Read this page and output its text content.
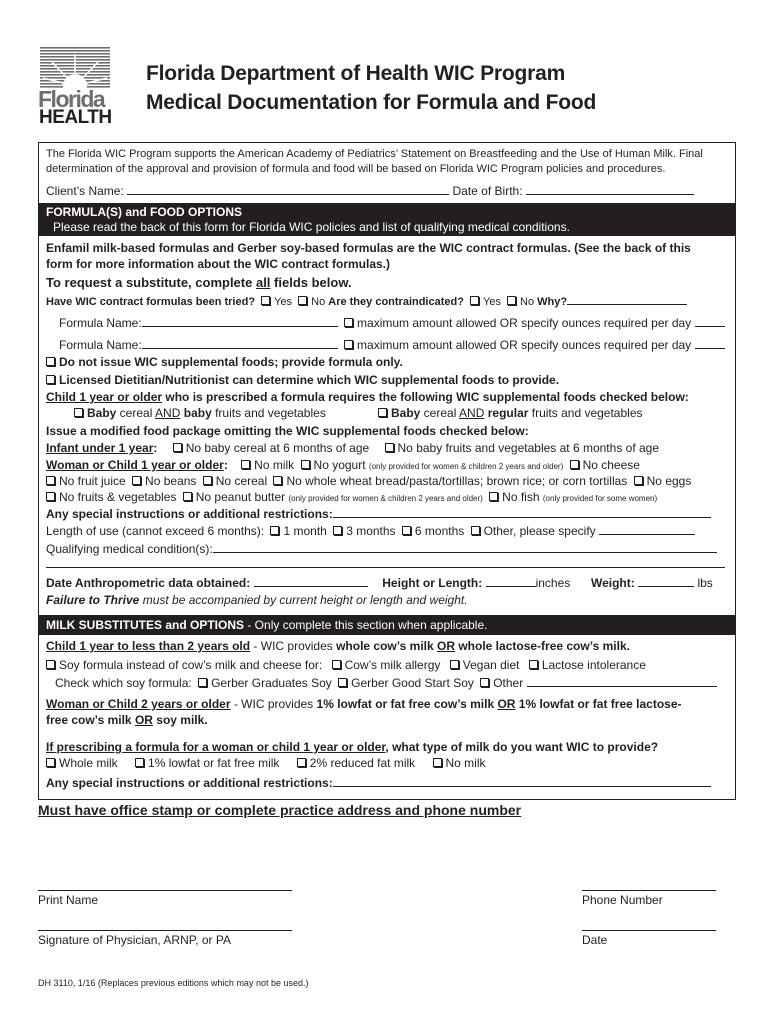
Florida
HEALTH
Florida Department of Health WIC Program
Medical Documentation for Formula and Food
The Florida WIC Program supports the American Academy of Pediatrics’ Statement on Breastfeeding and the Use of Human Milk. Final
determination of the approval and provision of formula and food will be based on Florida WIC Program policies and procedures.
Client’s Name:	Date of Birth:
FORMULA(S) and FOOD OPTIONS
Please read the back of this form for Florida WIC policies and list of qualifying medical conditions.
Enfamil milk-based formulas and Gerber soy-based formulas are the WIC contract formulas. (See the back of this
form for more information about the WIC contract formulas.)
To request a substitute, complete all fields below.
Have WIC contract formulas been tried? Yes No Are they contraindicated? Yes No Why?
Formula Name:	maximum amount allowed OR specify ounces required per day
Formula Name:	maximum amount allowed OR specify ounces required per day
Do not issue WIC supplemental foods; provide formula only.
Licensed Dietitian/Nutritionist can determine which WIC supplemental foods to provide.
Child 1 year or older who is prescribed a formula requires the following WIC supplemental foods checked below:
Baby cereal AND baby fruits and vegetables	Baby cereal AND regular fruits and vegetables
Issue a modified food package omitting the WIC supplemental foods checked below:
Infant under 1 year: No baby cereal at 6 months of age No baby fruits and vegetables at 6 months of age
Woman or Child 1 year or older: No milk No yogurt (only provided for women & children 2 years and older) No cheese
No fruit juice No beans No cereal No whole wheat bread/pasta/tortillas; brown rice; or corn tortillas No eggs
No fruits & vegetables No peanut butter (only provided for women & children 2 years and older) No fish (only provided for some women)
Any special instructions or additional restrictions:
Length of use (cannot exceed 6 months): 1 month 3 months 6 months Other, please specify
Qualifying medical condition(s):
Date Anthropometric data obtained:	Height or Length:	inches Weight:	lbs
Failure to Thrive must be accompanied by current height or length and weight.
MILK SUBSTITUTES and OPTIONS - Only complete this section when applicable.
Child 1 year to less than 2 years old - WIC provides whole cow’s milk OR whole lactose-free cow’s milk.
Soy formula instead of cow’s milk and cheese for: Cow’s milk allergy Vegan diet Lactose intolerance
Check which soy formula: Gerber Graduates Soy Gerber Good Start Soy Other
Woman or Child 2 years or older - WIC provides 1% lowfat or fat free cow’s milk OR 1% lowfat or fat free lactose-
free cow’s milk OR soy milk.
If prescribing a formula for a woman or child 1 year or older, what type of milk do you want WIC to provide?
Whole milk	1% lowfat or fat free milk	2% reduced fat milk	No milk
Any special instructions or additional restrictions:
Must have office stamp or complete practice address and phone number
Print Name	Phone Number
Signature of Physician, ARNP, or PA	Date
DH 3110, 1/16 (Replaces previous editions which may not be used.)
